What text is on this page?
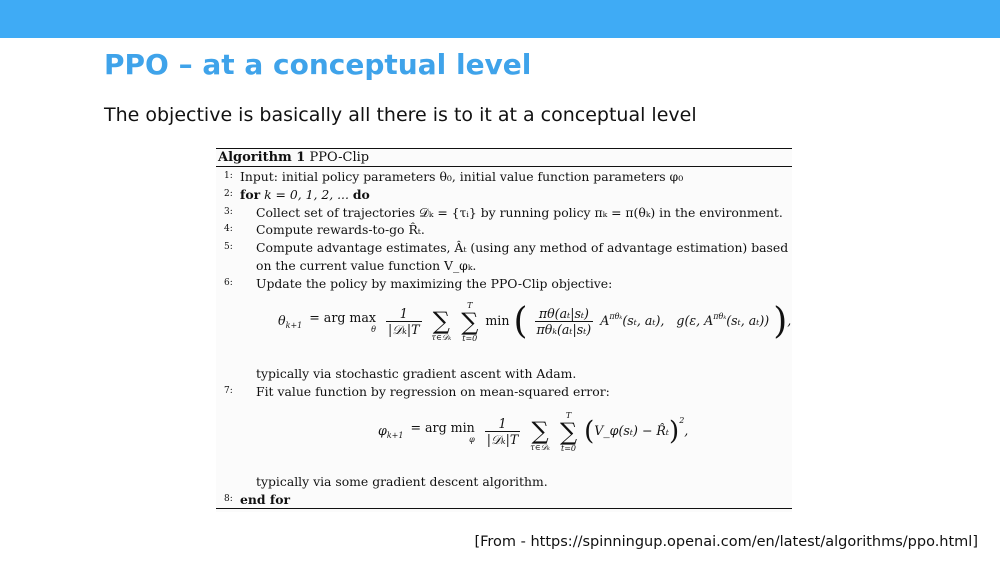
PPO – at a conceptual level
The objective is basically all there is to it at a conceptual level
Algorithm 1 PPO-Clip
1: Input: initial policy parameters θ₀, initial value function parameters φ₀
2: for k = 0, 1, 2, ... do
3: Collect set of trajectories 𝒟ₖ = {τᵢ} by running policy πₖ = π(θₖ) in the environment.
4: Compute rewards-to-go R̂ₜ.
5: Compute advantage estimates, Âₜ (using any method of advantage estimation) based
on the current value function V_φₖ.
6: Update the policy by maximizing the PPO-Clip objective:
$\theta_{k+1}$
= arg max
θ
$\frac{1}{\text{|𝒟ₖ|T}}$

∑
τ∈𝒟ₖ

T
∑
t=0
min ( $\frac{\text{πθ(aₜ|sₜ)}}{\text{πθₖ(aₜ|sₜ)}} A^{\pi\theta_k}(s_t$, aₜ), g(ε, $A^{\pi\theta_k}(s_t$, aₜ)) ),
typically via stochastic gradient ascent with Adam.
7: Fit value function by regression on mean-squared error:
$\varphi_{k+1}$
= arg min
φ
$\frac{1}{\text{|𝒟ₖ|T}}$

∑
τ∈𝒟ₖ

T
∑
t=0
(V_φ(sₜ) − R̂ₜ)$^2$,
typically via some gradient descent algorithm.
8: end for
[From - https://spinningup.openai.com/en/latest/algorithms/ppo.html]
